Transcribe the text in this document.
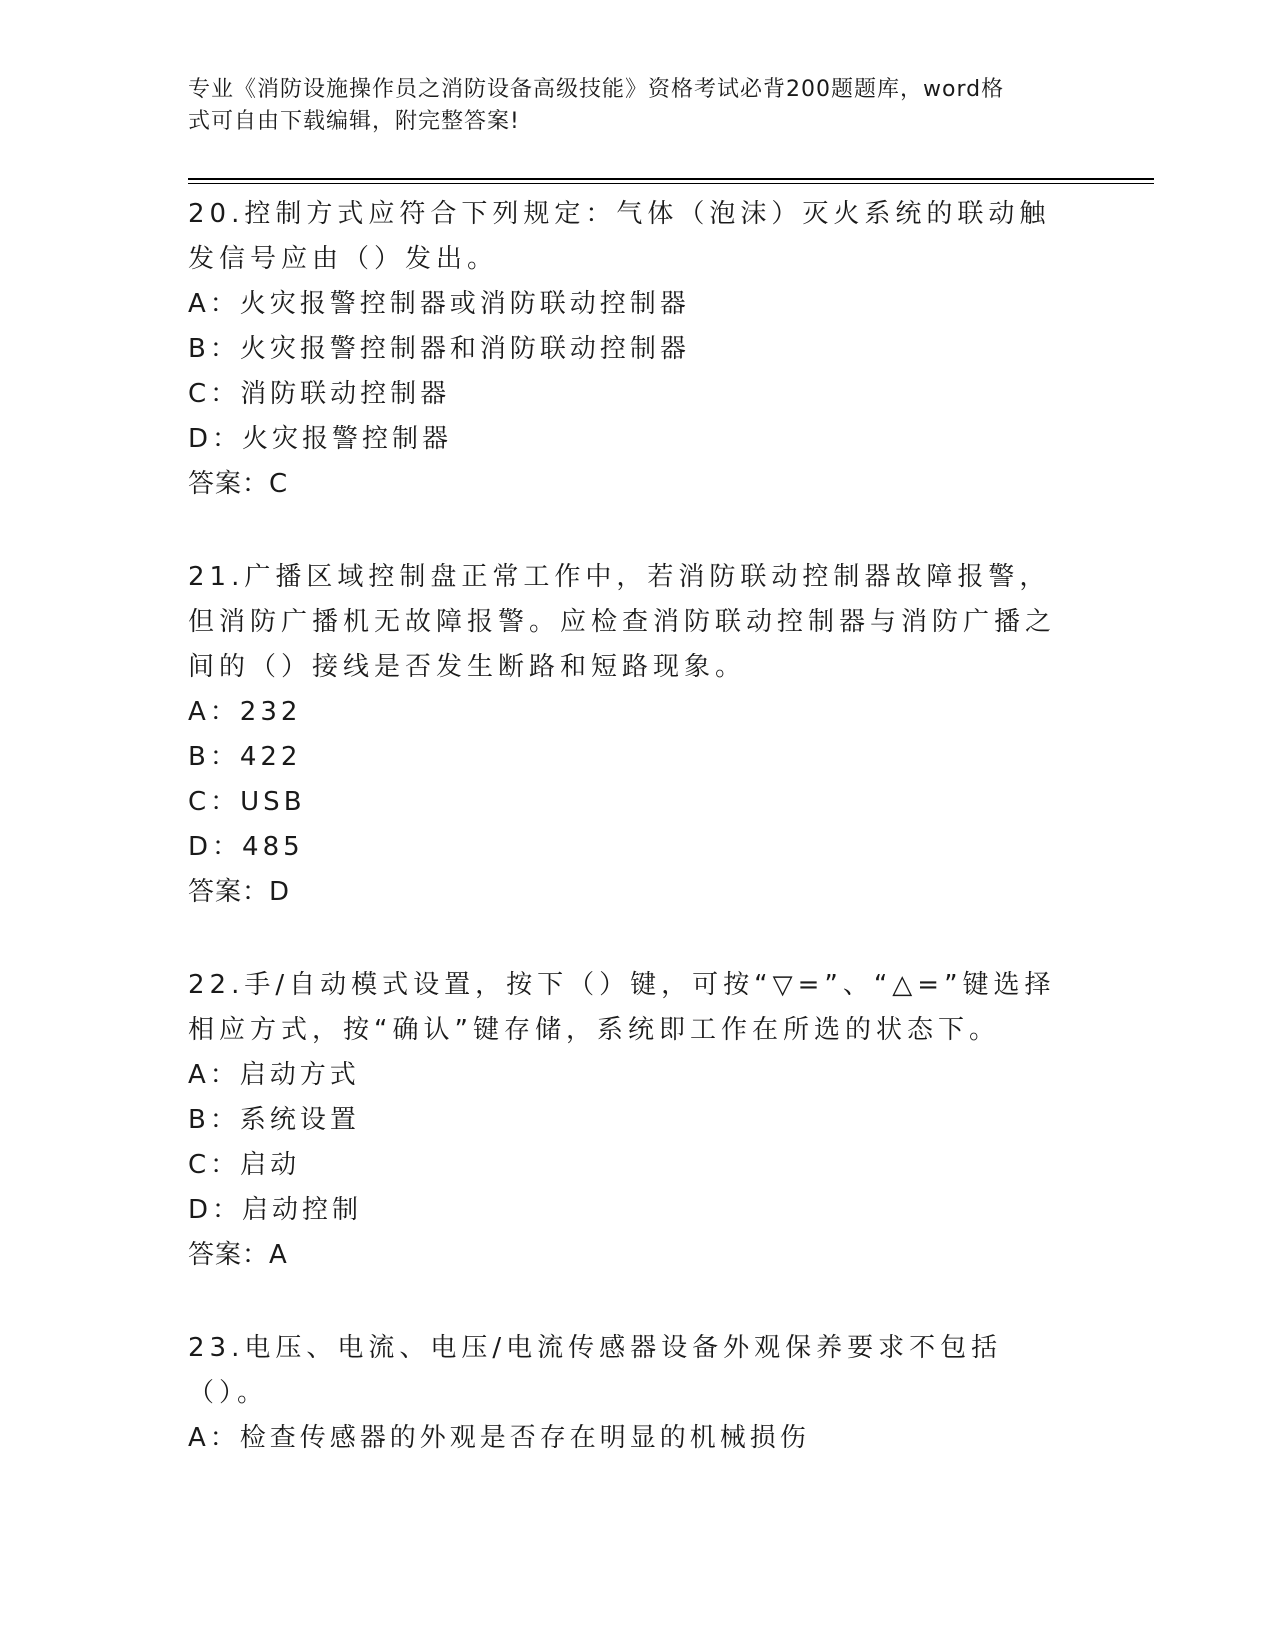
专业《消防设施操作员之消防设备高级技能》资格考试必背200题题库，word格
式可自由下载编辑，附完整答案!

20.控制方式应符合下列规定：气体（泡沫）灭火系统的联动触发信号应由（）发出。

A：火灾报警控制器或消防联动控制器

B：火灾报警控制器和消防联动控制器

C：消防联动控制器

D：火灾报警控制器

答案：C

21.广播区域控制盘正常工作中，若消防联动控制器故障报警，但消防广播机无故障报警。应检查消防联动控制器与消防广播之间的（）接线是否发生断路和短路现象。

A：232

B：422

C：USB

D：485

答案：D

22.手/自动模式设置，按下（）键，可按“▽=”、“△=”键选择相应方式，按“确认”键存储，系统即工作在所选的状态下。

A：启动方式

B：系统设置

C：启动

D：启动控制

答案：A

23.电压、电流、电压/电流传感器设备外观保养要求不包括（）。

A：检查传感器的外观是否存在明显的机械损伤
